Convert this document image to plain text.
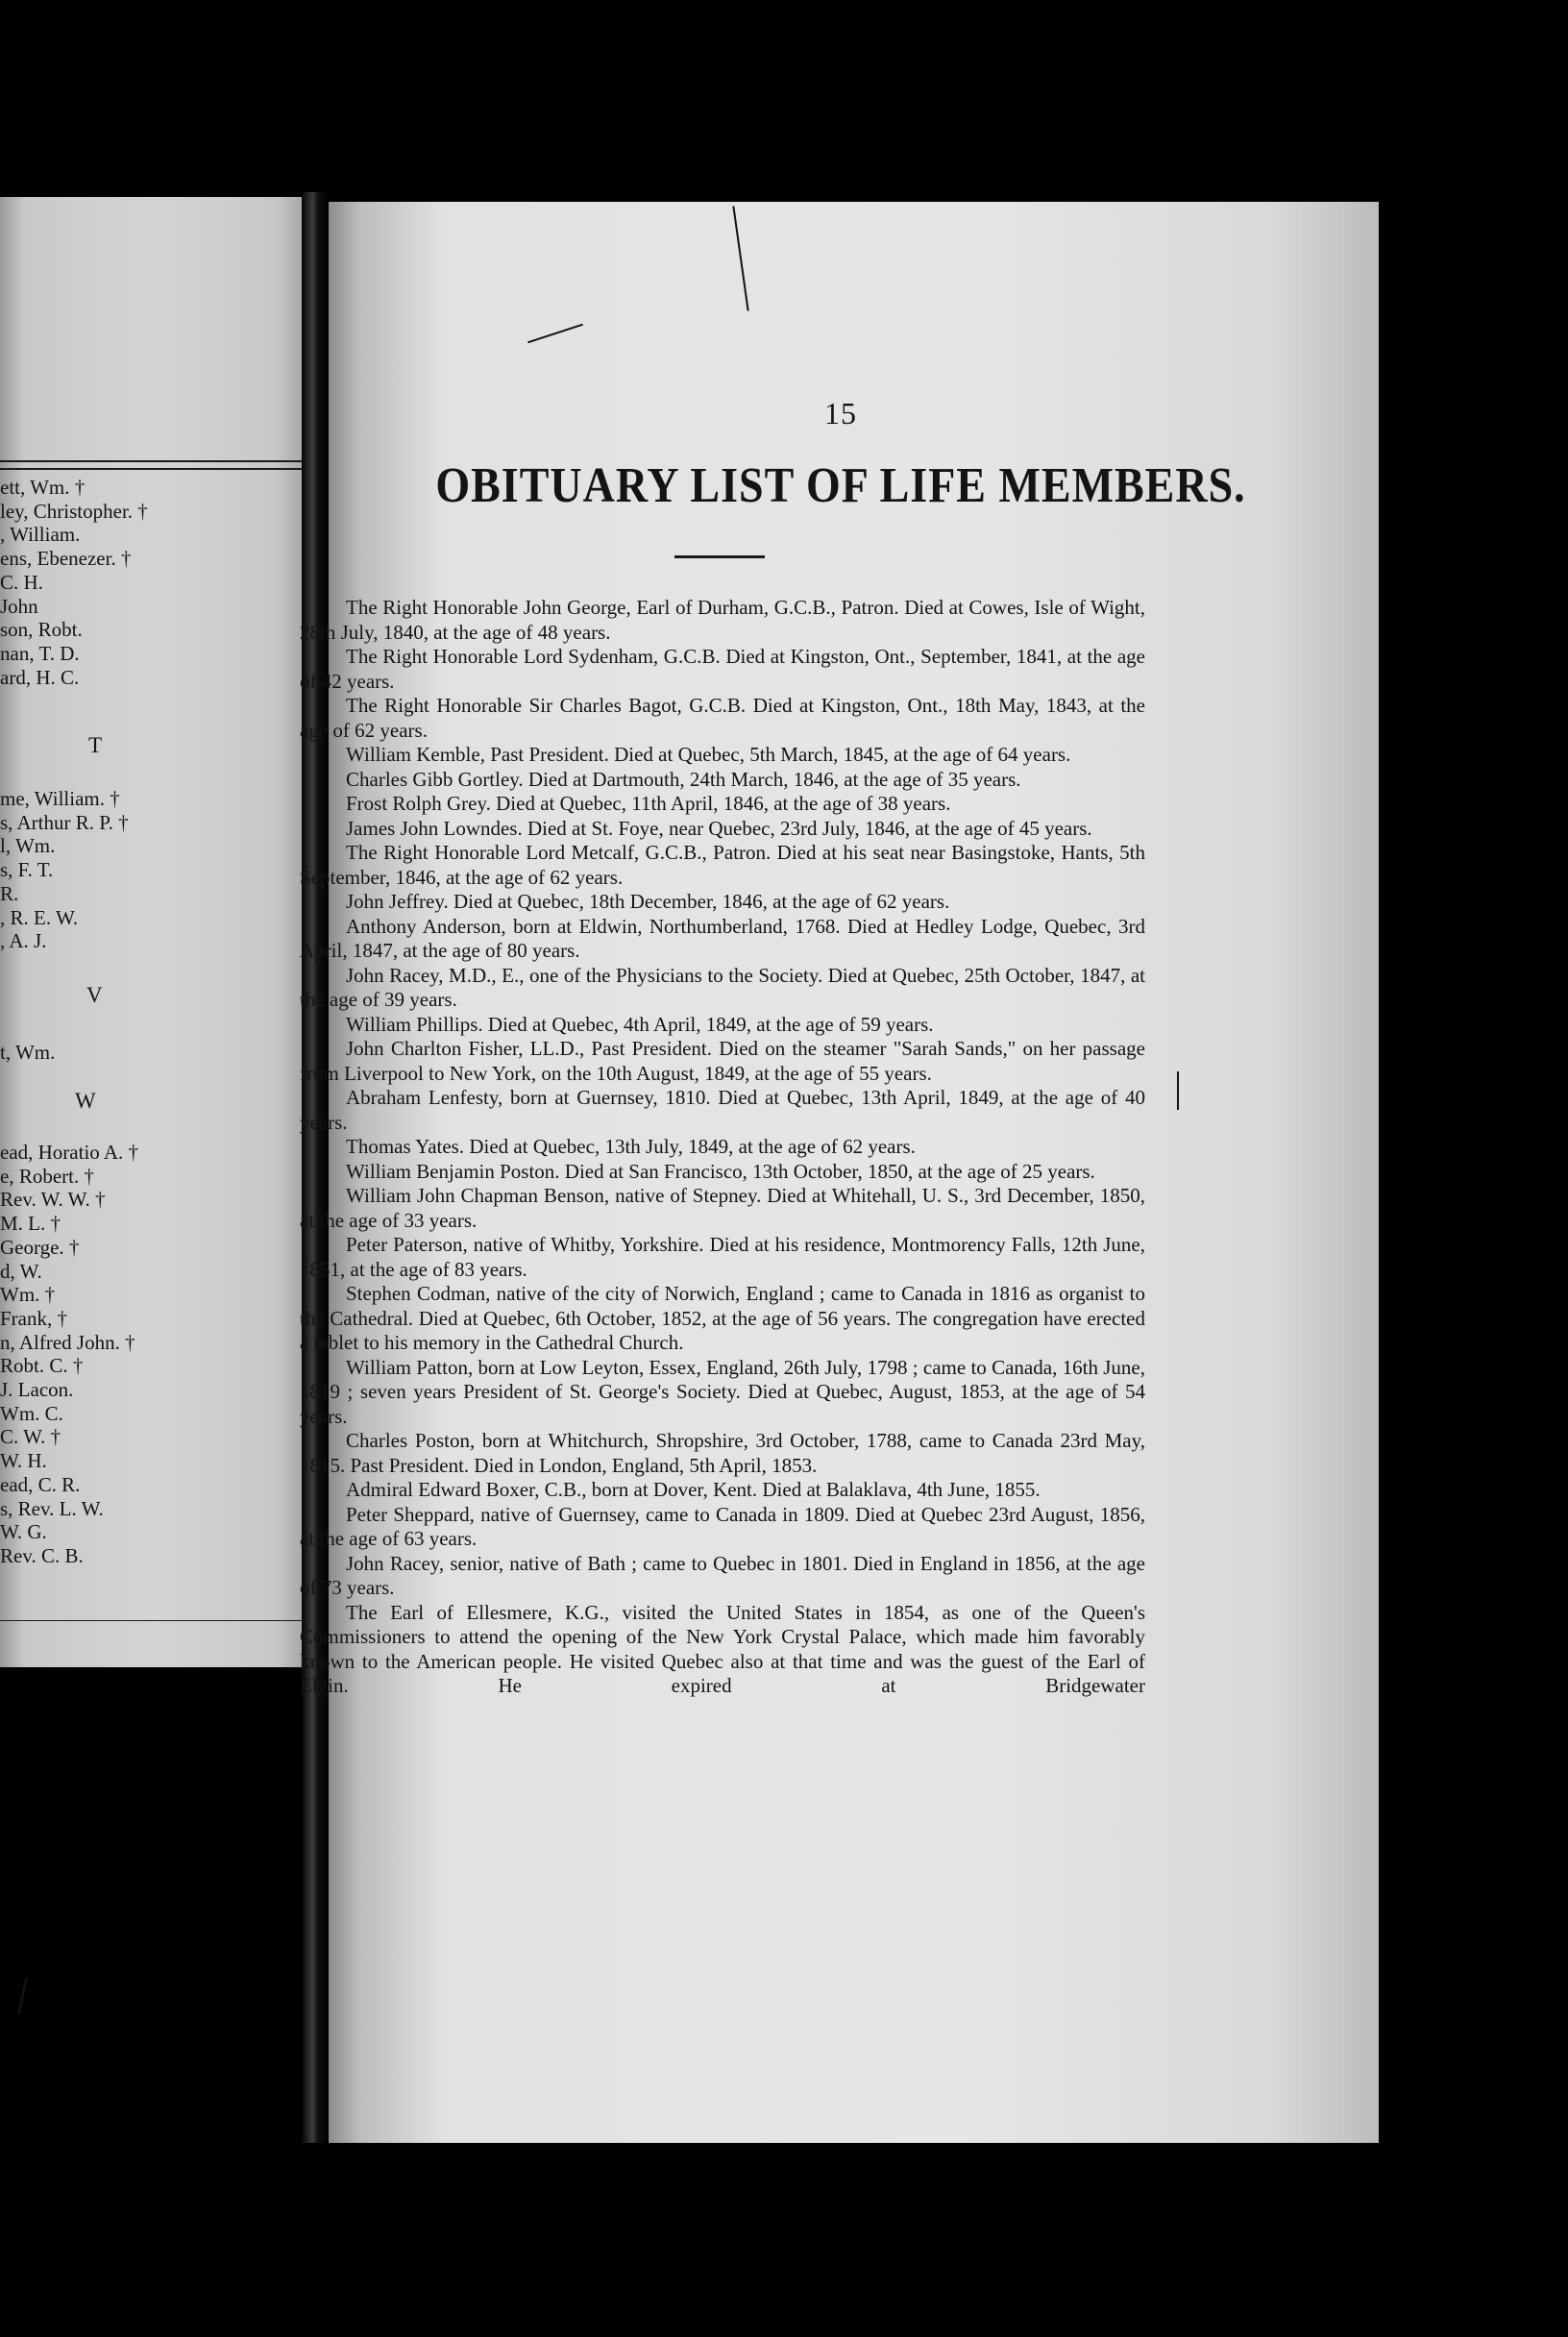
ett, Wm. †
ley, Christopher. †
, William.
ens, Ebenezer. †
C. H.
John
son, Robt.
nan, T. D.
ard, H. C.
T
me, William. †
s, Arthur R. P. †
l, Wm.
s, F. T.
R.
, R. E. W.
, A. J.
V
t, Wm.
W
ead, Horatio A. †
e, Robert. †
Rev. W. W. †
M. L. †
George. †
d, W.
Wm. †
Frank, †
n, Alfred John. †
Robt. C. †
J. Lacon.
Wm. C.
C. W. †
W. H.
ead, C. R.
s, Rev. L. W.
W. G.
Rev. C. B.
15
OBITUARY LIST OF LIFE MEMBERS.

The Right Honorable John George, Earl of Durham, G.C.B., Patron. Died at Cowes, Isle of Wight, 28th July, 1840, at the age of 48 years.

The Right Honorable Lord Sydenham, G.C.B. Died at Kingston, Ont., September, 1841, at the age of 42 years.

The Right Honorable Sir Charles Bagot, G.C.B. Died at Kingston, Ont., 18th May, 1843, at the age of 62 years.

William Kemble, Past President. Died at Quebec, 5th March, 1845, at the age of 64 years.

Charles Gibb Gortley. Died at Dartmouth, 24th March, 1846, at the age of 35 years.

Frost Rolph Grey. Died at Quebec, 11th April, 1846, at the age of 38 years.

James John Lowndes. Died at St. Foye, near Quebec, 23rd July, 1846, at the age of 45 years.

The Right Honorable Lord Metcalf, G.C.B., Patron. Died at his seat near Basingstoke, Hants, 5th September, 1846, at the age of 62 years.

John Jeffrey. Died at Quebec, 18th December, 1846, at the age of 62 years.

Anthony Anderson, born at Eldwin, Northumberland, 1768. Died at Hedley Lodge, Quebec, 3rd April, 1847, at the age of 80 years.

John Racey, M.D., E., one of the Physicians to the Society. Died at Quebec, 25th October, 1847, at the age of 39 years.

William Phillips. Died at Quebec, 4th April, 1849, at the age of 59 years.

John Charlton Fisher, LL.D., Past President. Died on the steamer "Sarah Sands," on her passage from Liverpool to New York, on the 10th August, 1849, at the age of 55 years.

Abraham Lenfesty, born at Guernsey, 1810. Died at Quebec, 13th April, 1849, at the age of 40 years.

Thomas Yates. Died at Quebec, 13th July, 1849, at the age of 62 years.

William Benjamin Poston. Died at San Francisco, 13th October, 1850, at the age of 25 years.

William John Chapman Benson, native of Stepney. Died at Whitehall, U. S., 3rd December, 1850, at the age of 33 years.

Peter Paterson, native of Whitby, Yorkshire. Died at his residence, Montmorency Falls, 12th June, 1851, at the age of 83 years.

Stephen Codman, native of the city of Norwich, England ; came to Canada in 1816 as organist to the Cathedral. Died at Quebec, 6th October, 1852, at the age of 56 years. The congregation have erected a tablet to his memory in the Cathedral Church.

William Patton, born at Low Leyton, Essex, England, 26th July, 1798 ; came to Canada, 16th June, 1819 ; seven years President of St. George's Society. Died at Quebec, August, 1853, at the age of 54 years.

Charles Poston, born at Whitchurch, Shropshire, 3rd October, 1788, came to Canada 23rd May, 1815. Past President. Died in London, England, 5th April, 1853.

Admiral Edward Boxer, C.B., born at Dover, Kent. Died at Balaklava, 4th June, 1855.

Peter Sheppard, native of Guernsey, came to Canada in 1809. Died at Quebec 23rd August, 1856, at the age of 63 years.

John Racey, senior, native of Bath ; came to Quebec in 1801. Died in England in 1856, at the age of 73 years.

The Earl of Ellesmere, K.G., visited the United States in 1854, as one of the Queen's Commissioners to attend the opening of the New York Crystal Palace, which made him favorably known to the American people. He visited Quebec also at that time and was the guest of the Earl of Elgin. He expired at Bridgewater
